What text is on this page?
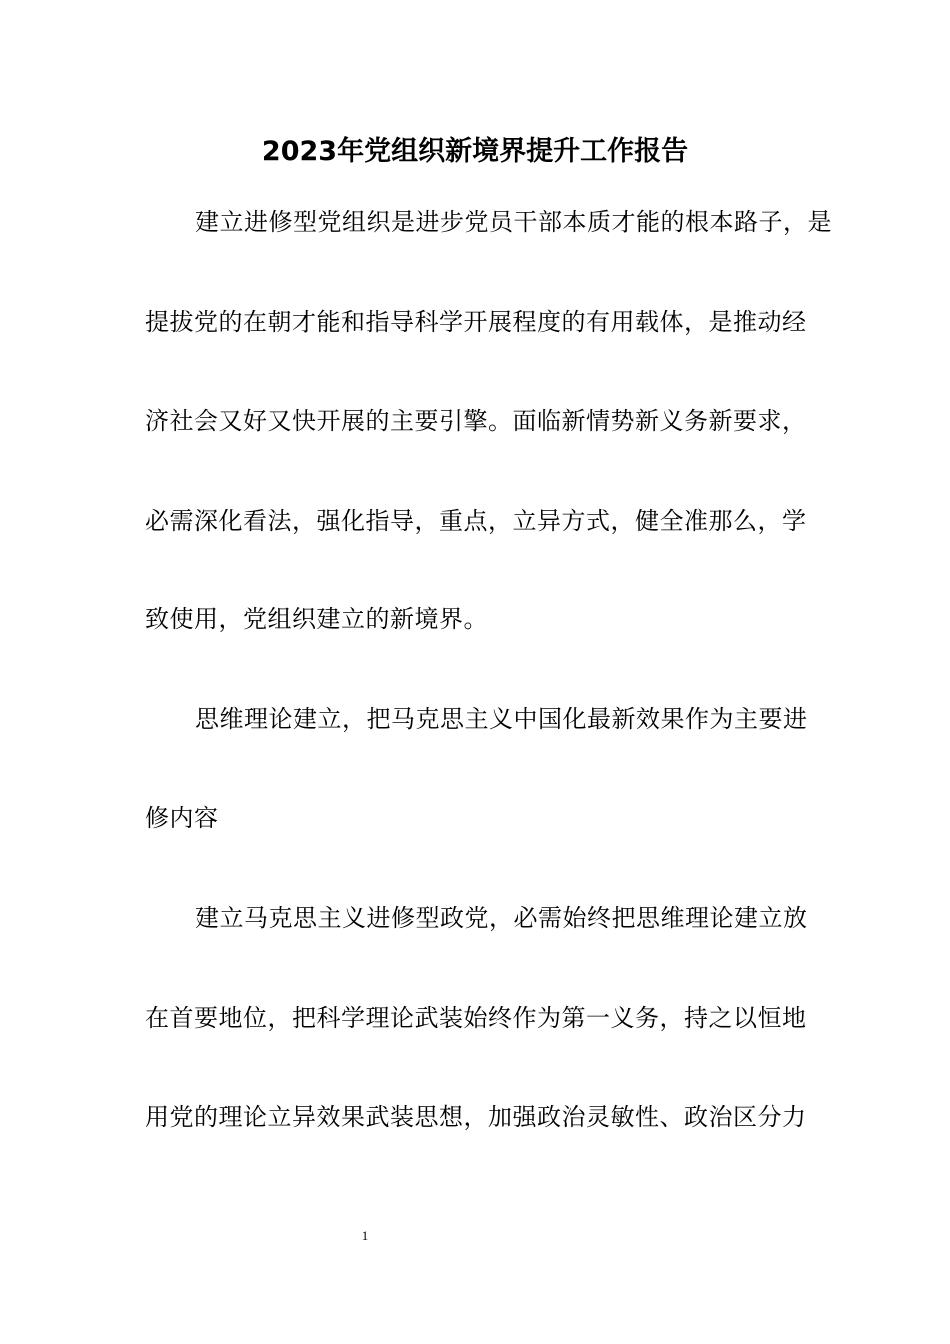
2023年党组织新境界提升工作报告
建立进修型党组织是进步党员干部本质才能的根本路子，是
提拔党的在朝才能和指导科学开展程度的有用载体，是推动经
济社会又好又快开展的主要引擎。面临新情势新义务新要求，
必需深化看法，强化指导，重点，立异方式，健全准那么，学
致使用，党组织建立的新境界。
思维理论建立，把马克思主义中国化最新效果作为主要进
修内容
建立马克思主义进修型政党，必需始终把思维理论建立放
在首要地位，把科学理论武装始终作为第一义务，持之以恒地
用党的理论立异效果武装思想，加强政治灵敏性、政治区分力
1
